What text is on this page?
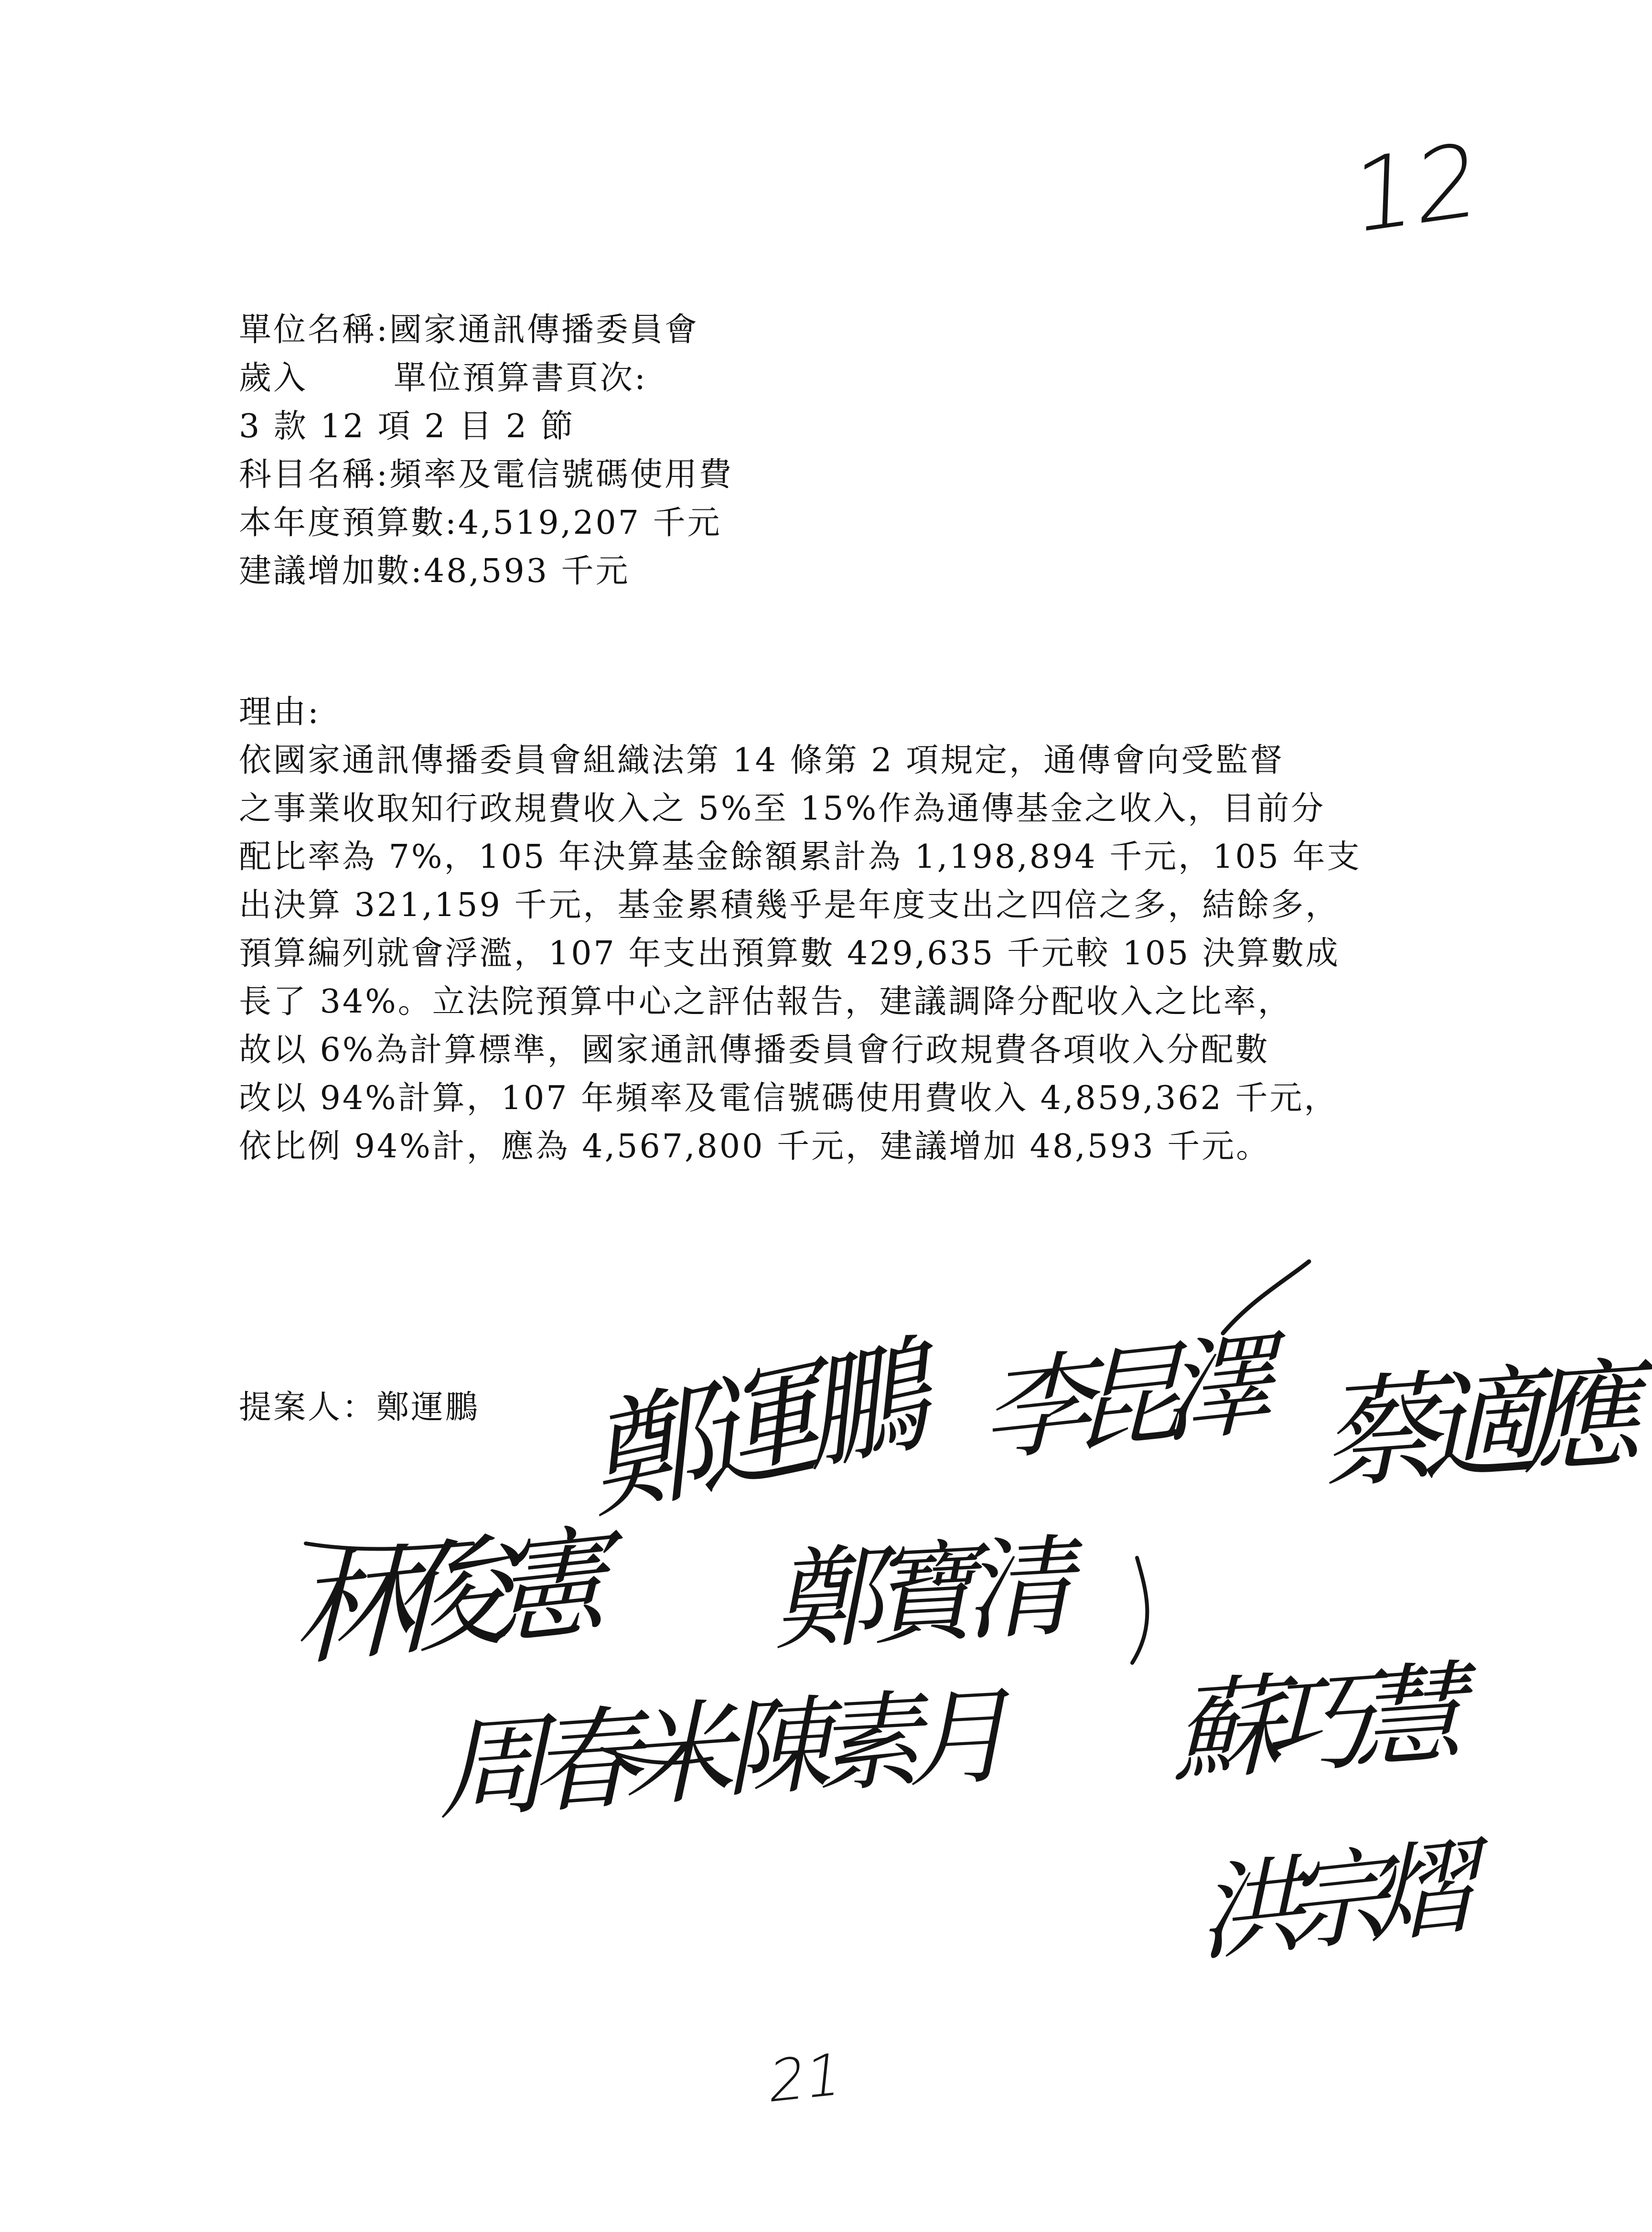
12
單位名稱:國家通訊傳播委員會
歲入	單位預算書頁次:
3 款 12 項 2 目 2 節
科目名稱:頻率及電信號碼使用費
本年度預算數:4,519,207 千元
建議增加數:48,593 千元
理由:
依國家通訊傳播委員會組織法第 14 條第 2 項規定，通傳會向受監督
之事業收取知行政規費收入之 5%至 15%作為通傳基金之收入，目前分
配比率為 7%，105 年決算基金餘額累計為 1,198,894 千元，105 年支
出決算 321,159 千元，基金累積幾乎是年度支出之四倍之多，結餘多，
預算編列就會浮濫，107 年支出預算數 429,635 千元較 105 決算數成
長了 34%。立法院預算中心之評估報告，建議調降分配收入之比率，
故以 6%為計算標準，國家通訊傳播委員會行政規費各項收入分配數
改以 94%計算，107 年頻率及電信號碼使用費收入 4,859,362 千元，
依比例 94%計，應為 4,567,800 千元，建議增加 48,593 千元。
提案人：鄭運鵬 鄭運鵬 李昆澤 蔡適應
林俊憲 鄭寶清
蘇巧慧
周春米
陳素月
洪宗熠
21
